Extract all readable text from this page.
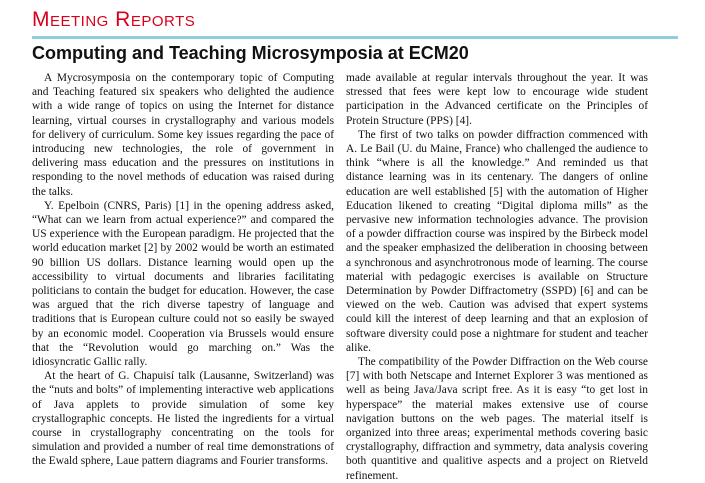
Meeting Reports
Computing and Teaching Microsymposia at ECM20

A Mycrosymposia on the contemporary topic of Computing and Teaching featured six speakers who delighted the audience with a wide range of topics on using the Internet for distance learning, virtual courses in crystallography and various models for delivery of curriculum. Some key issues regarding the pace of introducing new technologies, the role of government in delivering mass education and the pressures on institutions in responding to the novel methods of education was raised during the talks.

Y. Epelboin (CNRS, Paris) [1] in the opening address asked, “What can we learn from actual experience?” and compared the US experience with the European paradigm. He projected that the world education market [2] by 2002 would be worth an estimated 90 billion US dollars. Distance learning would open up the accessibility to virtual documents and libraries facilitating politicians to contain the budget for education. However, the case was argued that the rich diverse tapestry of language and traditions that is European culture could not so easily be swayed by an economic model. Cooperation via Brussels would ensure that the “Revolution would go marching on.” Was the idiosyncratic Gallic rally.

At the heart of G. Chapuisí talk (Lausanne, Switzerland) was the “nuts and bolts” of implementing interactive web applications of Java applets to provide simulation of some key crystallographic concepts. He listed the ingredients for a virtual course in crystallography concentrating on the tools for simulation and provided a number of real time demonstrations of the Ewald sphere, Laue pattern diagrams and Fourier transforms.

made available at regular intervals throughout the year. It was stressed that fees were kept low to encourage wide student participation in the Advanced certificate on the Principles of Protein Structure (PPS) [4].

The first of two talks on powder diffraction commenced with A. Le Bail (U. du Maine, France) who challenged the audience to think “where is all the knowledge.” And reminded us that distance learning was in its centenary. The dangers of online education are well established [5] with the automation of Higher Education likened to creating “Digital diploma mills” as the pervasive new information technologies advance. The provision of a powder diffraction course was inspired by the Birbeck model and the speaker emphasized the deliberation in choosing between a synchronous and asynchrotronous mode of learning. The course material with pedagogic exercises is available on Structure Determination by Powder Diffractometry (SSPD) [6] and can be viewed on the web. Caution was advised that expert systems could kill the interest of deep learning and that an explosion of software diversity could pose a nightmare for student and teacher alike.

The compatibility of the Powder Diffraction on the Web course [7] with both Netscape and Internet Explorer 3 was mentioned as well as being Java/Java script free. As it is easy “to get lost in hyperspace” the material makes extensive use of course navigation buttons on the web pages. The material itself is organized into three areas; experimental methods covering basic crystallography, diffraction and symmetry, data analysis covering both quantitive and qualitive aspects and a project on Rietveld refinement.
